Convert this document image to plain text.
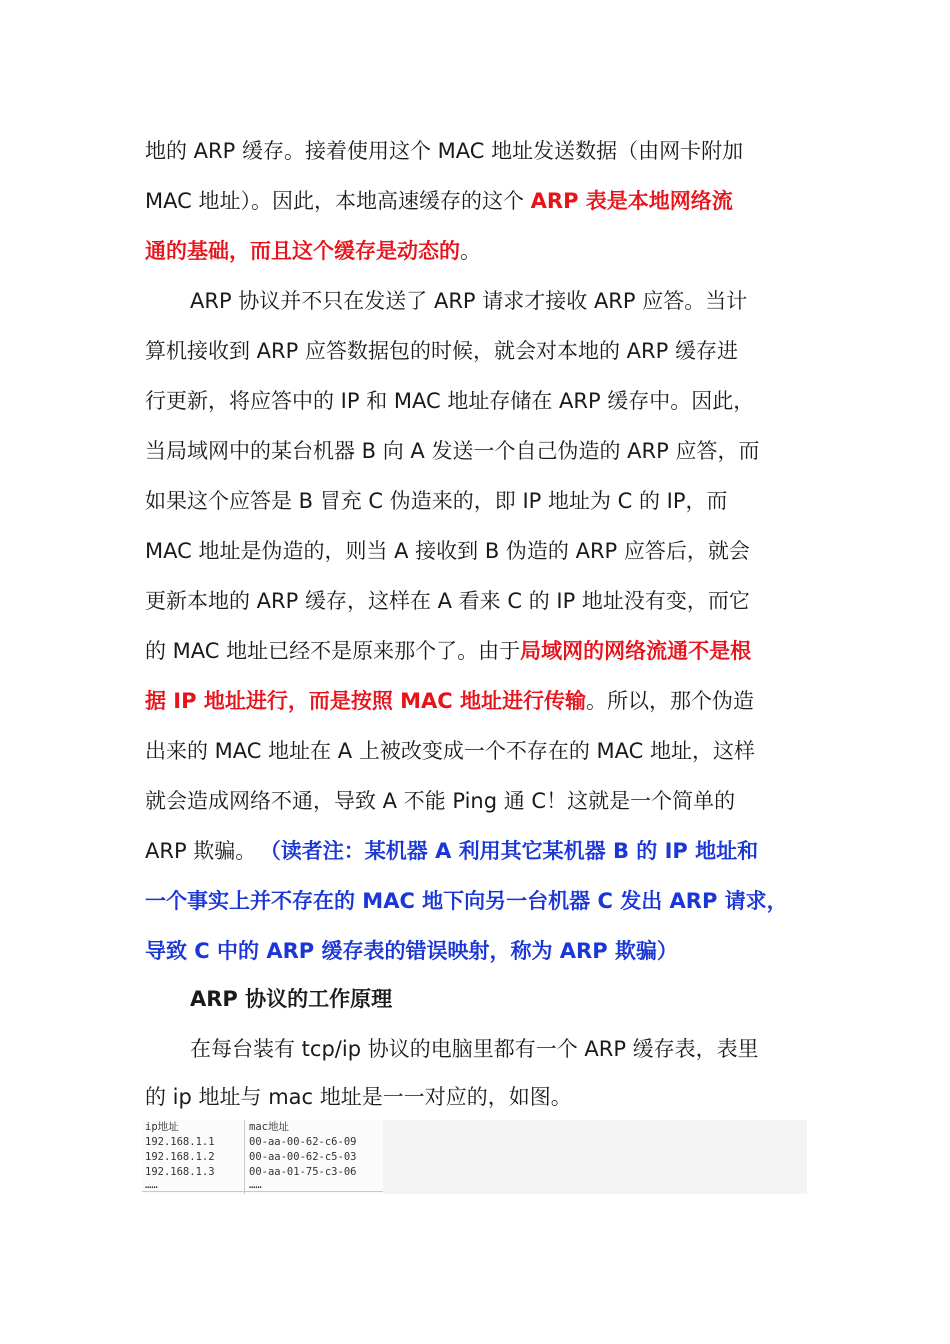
地的 ARP 缓存。接着使用这个 MAC 地址发送数据（由网卡附加
MAC 地址）。因此，本地高速缓存的这个 ARP 表是本地网络流
通的基础，而且这个缓存是动态的。
ARP 协议并不只在发送了 ARP 请求才接收 ARP 应答。当计
算机接收到 ARP 应答数据包的时候，就会对本地的 ARP 缓存进
行更新，将应答中的 IP 和 MAC 地址存储在 ARP 缓存中。因此，
当局域网中的某台机器 B 向 A 发送一个自己伪造的 ARP 应答，而
如果这个应答是 B 冒充 C 伪造来的，即 IP 地址为 C 的 IP，而
MAC 地址是伪造的，则当 A 接收到 B 伪造的 ARP 应答后，就会
更新本地的 ARP 缓存，这样在 A 看来 C 的 IP 地址没有变，而它
的 MAC 地址已经不是原来那个了。由于局域网的网络流通不是根
据 IP 地址进行，而是按照 MAC 地址进行传输。所以，那个伪造
出来的 MAC 地址在 A 上被改变成一个不存在的 MAC 地址，这样
就会造成网络不通，导致 A 不能 Ping 通 C！这就是一个简单的
ARP 欺骗。 （读者注：某机器 A 利用其它某机器 B 的 IP 地址和
一个事实上并不存在的 MAC 地下向另一台机器 C 发出 ARP 请求，
导致 C 中的 ARP 缓存表的错误映射，称为 ARP 欺骗）
ARP 协议的工作原理
在每台装有 tcp/ip 协议的电脑里都有一个 ARP 缓存表，表里
的 ip 地址与 mac 地址是一一对应的，如图。
ip地址	mac地址
192.168.1.1	00-aa-00-62-c6-09
192.168.1.2	00-aa-00-62-c5-03
192.168.1.3	00-aa-01-75-c3-06
……	……
